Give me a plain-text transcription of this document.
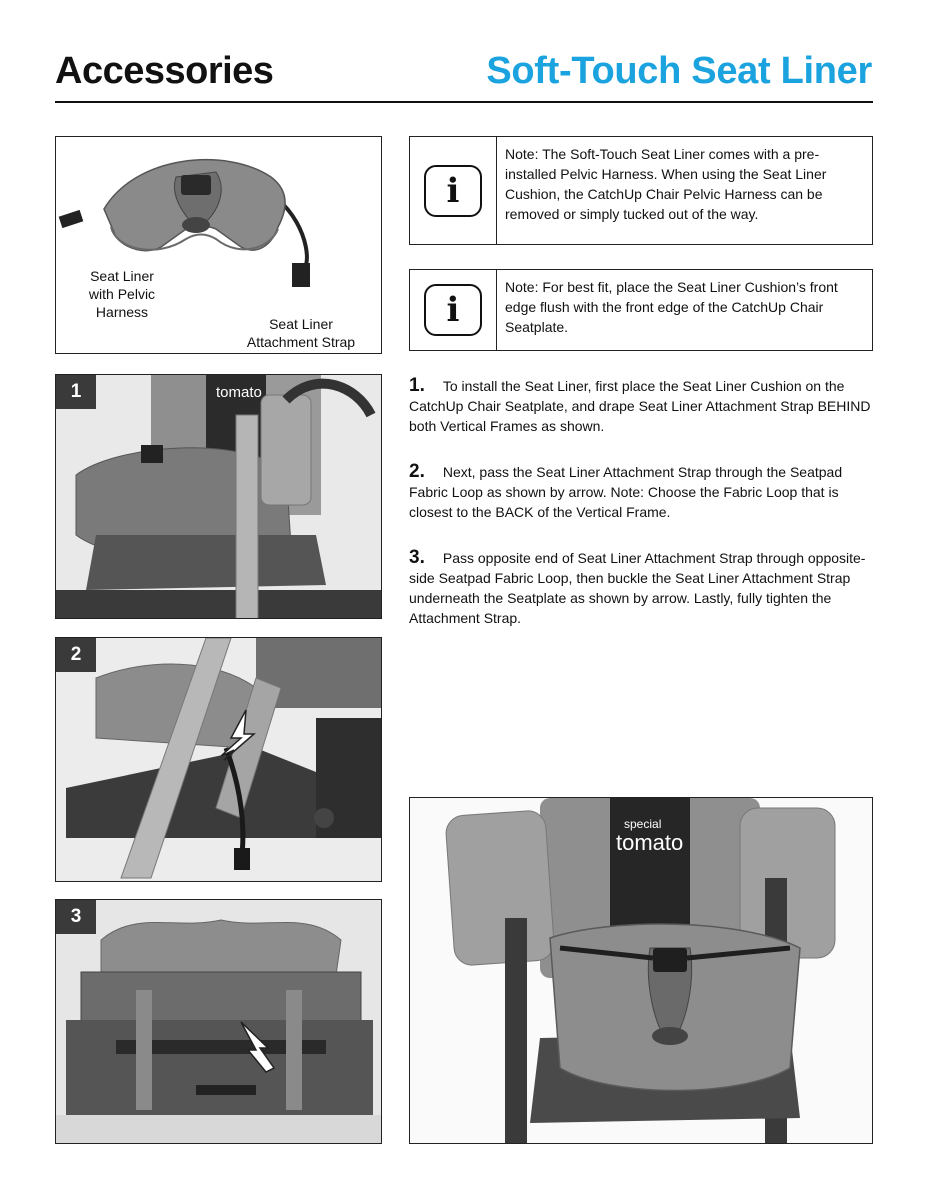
Accessories	Soft-Touch Seat Liner
Seat Liner
with Pelvic
Harness
Seat Liner
Attachment Strap
tomato
1
2
3
i
Note: The Soft-Touch Seat Liner comes with a pre-installed Pelvic Harness. When using the Seat Liner Cushion, the CatchUp Chair Pelvic Harness can be removed or simply tucked out of the way.
i
Note: For best fit, place the Seat Liner Cushion’s front edge flush with the front edge of the CatchUp Chair Seatplate.
1. To install the Seat Liner, first place the Seat Liner Cushion on the CatchUp Chair Seatplate, and drape Seat Liner Attachment Strap BEHIND both Vertical Frames as shown.
2. Next, pass the Seat Liner Attachment Strap through the Seatpad Fabric Loop as shown by arrow. Note: Choose the Fabric Loop that is closest to the BACK of the Vertical Frame.
3. Pass opposite end of Seat Liner Attachment Strap through opposite-side Seatpad Fabric Loop, then buckle the Seat Liner Attachment Strap underneath the Seatplate as shown by arrow. Lastly, fully tighten the Attachment Strap.
special
tomato
